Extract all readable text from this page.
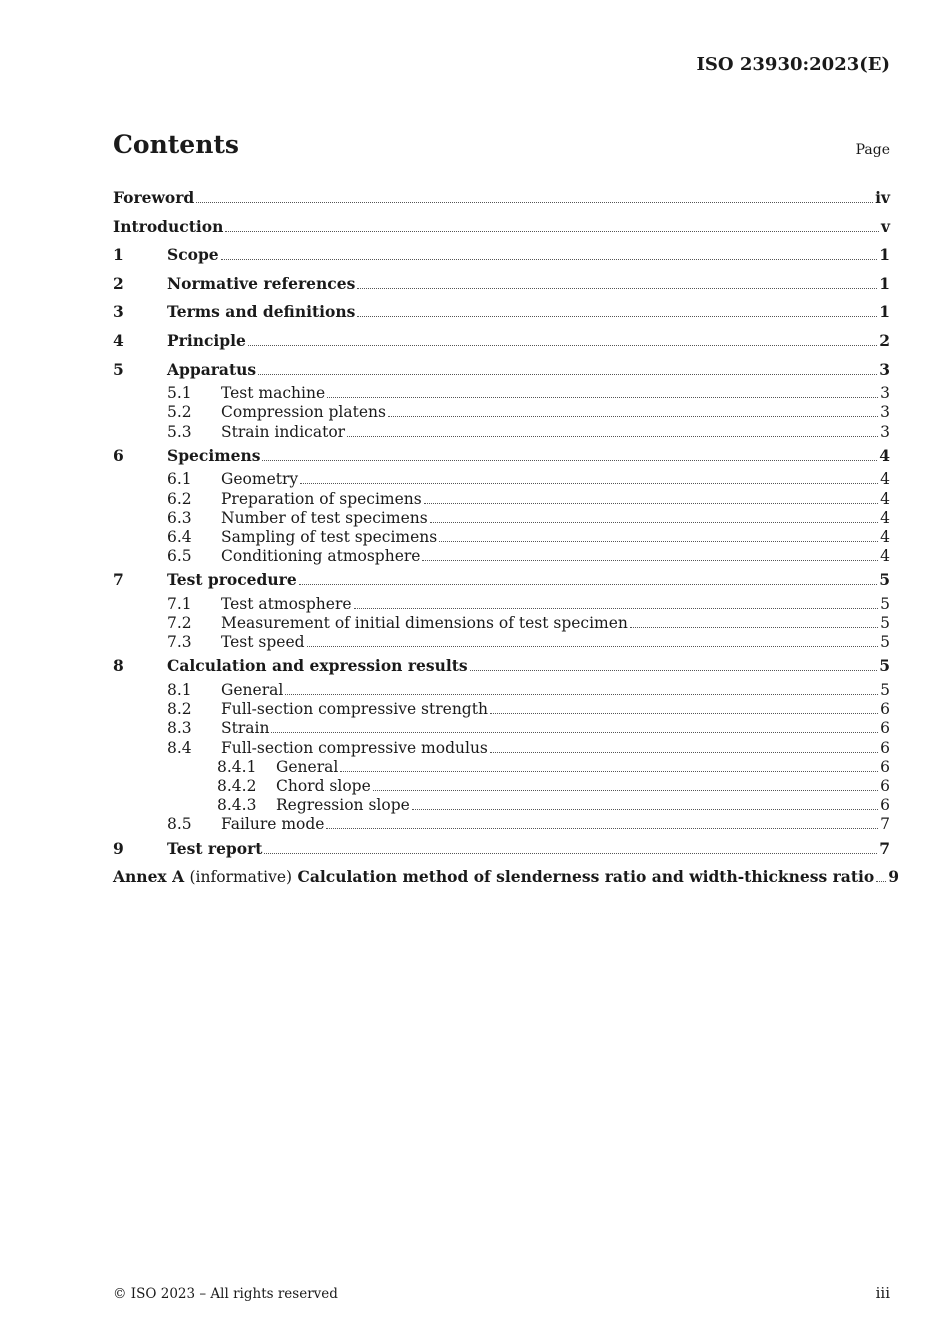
ISO 23930:2023(E)
Contents	Page
Foreword	iv
Introduction	v
1	Scope	1
2	Normative references	1
3	Terms and definitions	1
4	Principle	2
5	Apparatus	3
5.1	Test machine	3
5.2	Compression platens	3
5.3	Strain indicator	3
6	Specimens	4
6.1	Geometry	4
6.2	Preparation of specimens	4
6.3	Number of test specimens	4
6.4	Sampling of test specimens	4
6.5	Conditioning atmosphere	4
7	Test procedure	5
7.1	Test atmosphere	5
7.2	Measurement of initial dimensions of test specimen	5
7.3	Test speed	5
8	Calculation and expression results	5
8.1	General	5
8.2	Full-section compressive strength	6
8.3	Strain	6
8.4	Full-section compressive modulus	6
8.4.1	General	6
8.4.2	Chord slope	6
8.4.3	Regression slope	6
8.5	Failure mode	7
9	Test report	7
Annex A (informative) Calculation method of slenderness ratio and width-thickness ratio 9
© ISO 2023 – All rights reserved	iii
